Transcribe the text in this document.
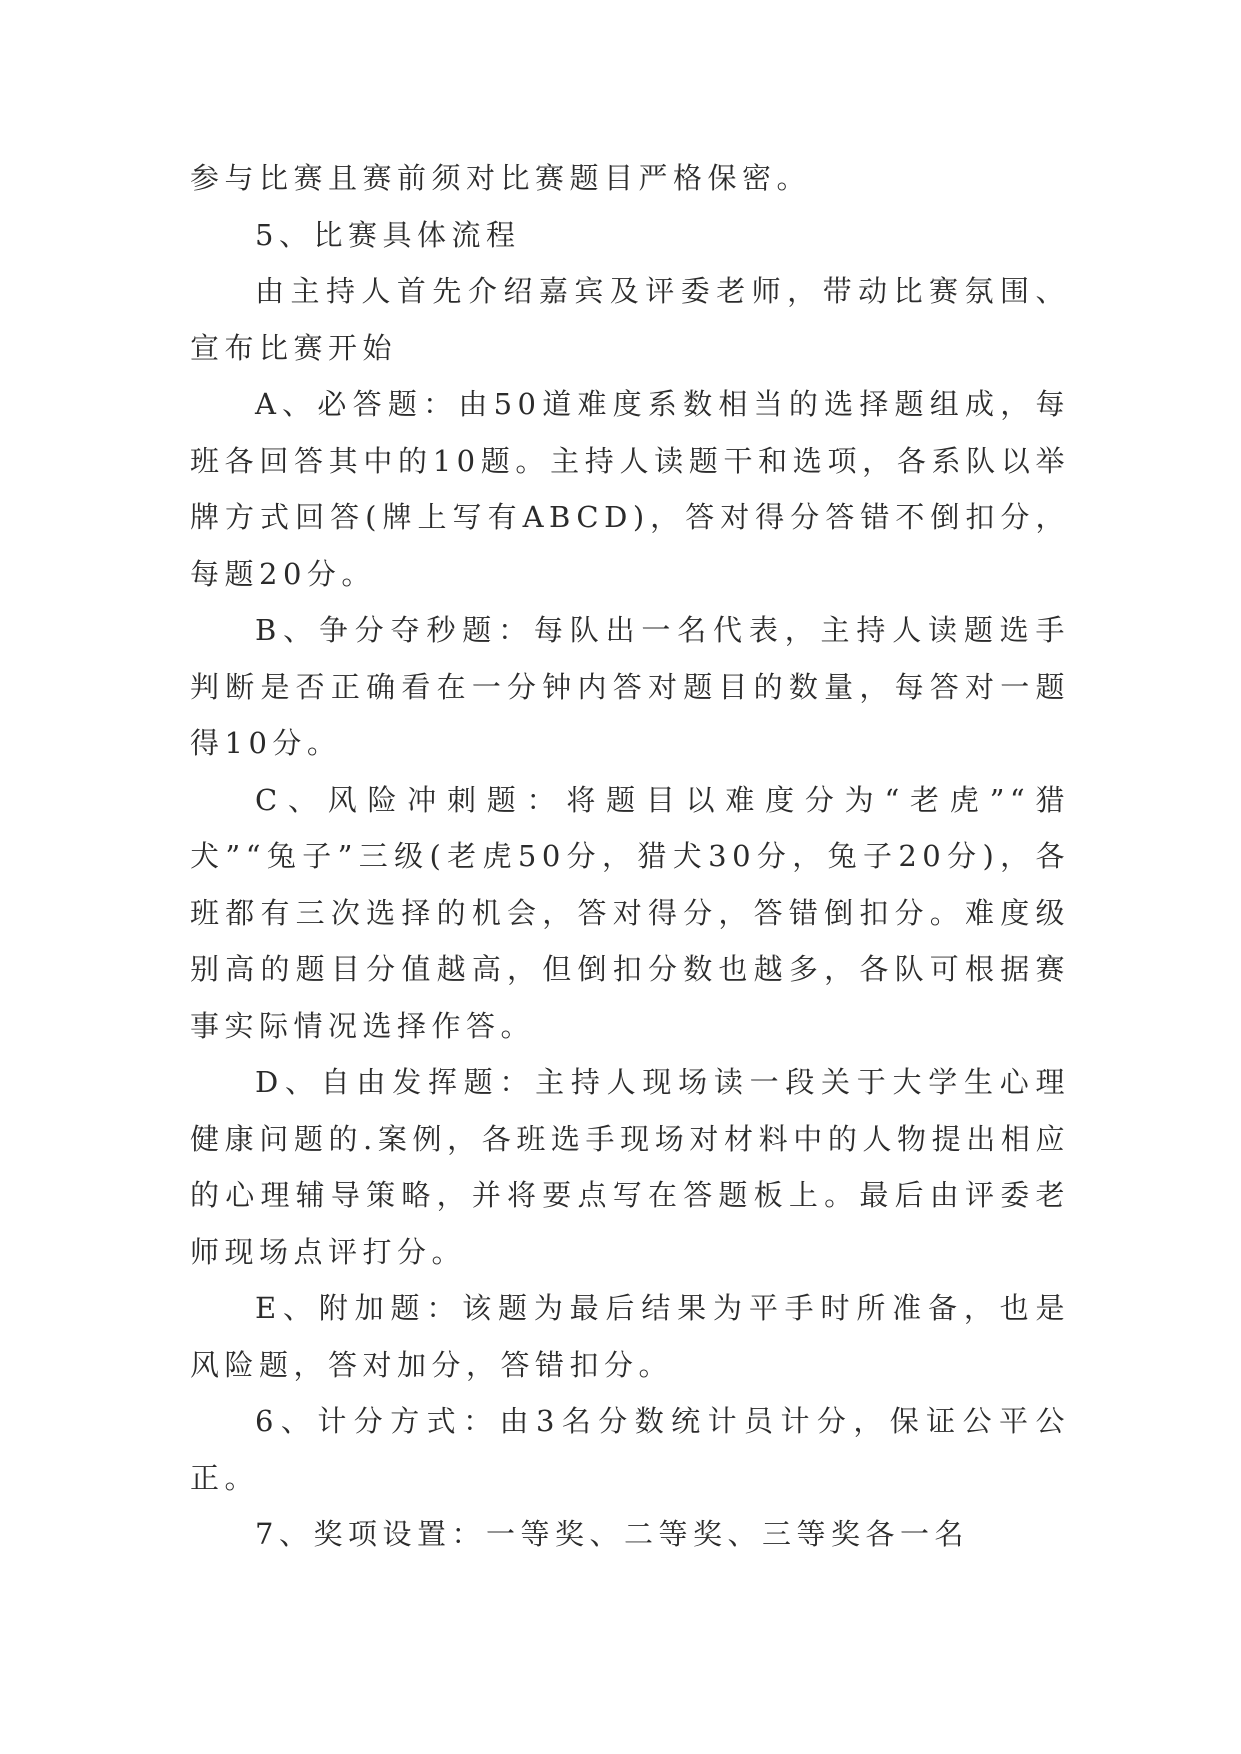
参与比赛且赛前须对比赛题目严格保密。

5、比赛具体流程

由主持人首先介绍嘉宾及评委老师，带动比赛氛围、宣布比赛开始

A、必答题：由50道难度系数相当的选择题组成，每班各回答其中的10题。主持人读题干和选项，各系队以举牌方式回答(牌上写有ABCD)，答对得分答错不倒扣分，每题20分。

B、争分夺秒题：每队出一名代表，主持人读题选手判断是否正确看在一分钟内答对题目的数量，每答对一题得10分。

C、风险冲刺题：将题目以难度分为“老虎”“猎犬”“兔子”三级(老虎50分，猎犬30分，兔子20分)，各班都有三次选择的机会，答对得分，答错倒扣分。难度级别高的题目分值越高，但倒扣分数也越多，各队可根据赛事实际情况选择作答。

D、自由发挥题：主持人现场读一段关于大学生心理健康问题的.案例，各班选手现场对材料中的人物提出相应的心理辅导策略，并将要点写在答题板上。最后由评委老师现场点评打分。

E、附加题：该题为最后结果为平手时所准备，也是风险题，答对加分，答错扣分。

6、计分方式：由3名分数统计员计分，保证公平公正。

7、奖项设置：一等奖、二等奖、三等奖各一名
